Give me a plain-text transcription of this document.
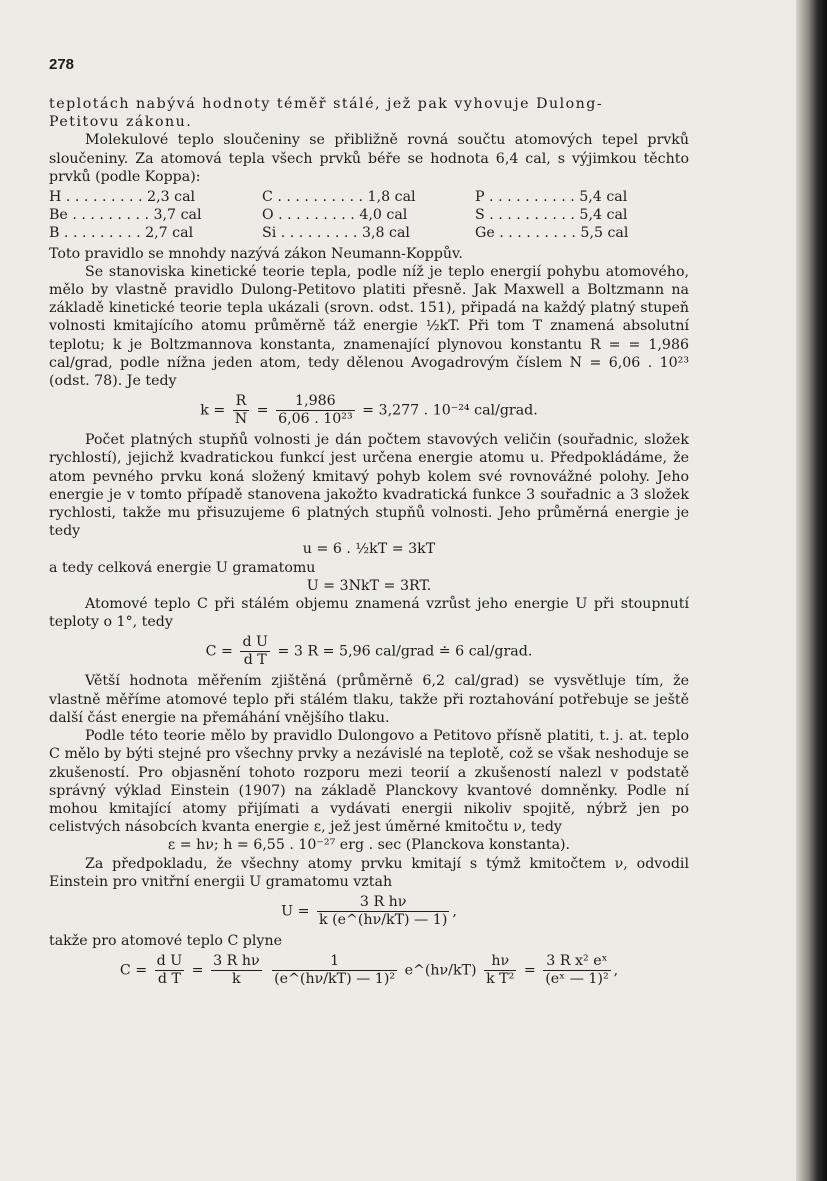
278

teplotách nabývá hodnoty téměř stálé, jež pak vyhovuje Dulong-

Petitovu zákonu.

Molekulové teplo sloučeniny se přibližně rovná součtu atomových tepel prvků sloučeniny. Za atomová tepla všech prvků béře se hodnota 6,4 cal, s výjimkou těchto prvků (podle Koppa):

H . . . . . . . . . 2,3 cal	C . . . . . . . . . . 1,8 cal	P . . . . . . . . . . 5,4 cal
Be . . . . . . . . . 3,7 cal	O . . . . . . . . . 4,0 cal	S . . . . . . . . . . 5,4 cal
B . . . . . . . . . 2,7 cal	Si . . . . . . . . . 3,8 cal	Ge . . . . . . . . . 5,5 cal

Toto pravidlo se mnohdy nazývá zákon Neumann-Koppův.

Se stanoviska kinetické teorie tepla, podle níž je teplo energií pohybu atomového, mělo by vlastně pravidlo Dulong-Petitovo platiti přesně. Jak Maxwell a Boltzmann na základě kinetické teorie tepla ukázali (srovn. odst. 151), připadá na každý platný stupeň volnosti kmitajícího atomu průměrně táž energie ½kT. Při tom T znamená absolutní teplotu; k je Boltzmannova konstanta, znamenající plynovou konstantu R = = 1,986 cal/grad, podle nížna jeden atom, tedy dělenou Avogadrovým číslem N = 6,06 . 10²³ (odst. 78). Je tedy

$k = \frac{R}{N} = \frac{1,986}{\text{6,06 . 10²³}} = 3,277$ . 10⁻²⁴ cal/grad.

Počet platných stupňů volnosti je dán počtem stavových veličin (souřadnic, složek rychlostí), jejichž kvadratickou funkcí jest určena energie atomu u. Předpokládáme, že atom pevného prvku koná složený kmitavý pohyb kolem své rovnovážné polohy. Jeho energie je v tomto případě stanovena jakožto kvadratická funkce 3 souřadnic a 3 složek rychlosti, takže mu přisuzujeme 6 platných stupňů volnosti. Jeho průměrná energie je tedy

u = 6 . ½kT = 3kT

a tedy celková energie U gramatomu

U = 3NkT = 3RT.

Atomové teplo C při stálém objemu znamená vzrůst jeho energie U při stoupnutí teploty o 1°, tedy

$C = \frac{\text{d U}}{\text{d T}} = 3$ R = 5,96 cal/grad ≐ 6 cal/grad.

Větší hodnota měřením zjištěná (průměrně 6,2 cal/grad) se vysvětluje tím, že vlastně měříme atomové teplo při stálém tlaku, takže při roztahování potřebuje se ještě další část energie na přemáhání vnějšího tlaku.

Podle této teorie mělo by pravidlo Dulongovo a Petitovo přísně platiti, t. j. at. teplo C mělo by býti stejné pro všechny prvky a nezávislé na teplotě, což se však neshoduje se zkušeností. Pro objasnění tohoto rozporu mezi teorií a zkušeností nalezl v podstatě správný výklad Einstein (1907) na základě Planckovy kvantové domněnky. Podle ní mohou kmitající atomy přijímati a vydávati energii nikoliv spojitě, nýbrž jen po celistvých násobcích kvanta energie ε, jež jest úměrné kmitočtu ν, tedy

ε = hν; h = 6,55 . 10⁻²⁷ erg . sec (Planckova konstanta).

Za předpokladu, že všechny atomy prvku kmitají s týmž kmitočtem ν, odvodil Einstein pro vnitřní energii U gramatomu vztah

$U = \frac{\text{3 R hν}}{k (e\^{}(h\nu/kT) — 1)}$ ,

takže pro atomové teplo C plyne

$C = \frac{\text{d U}}{\text{d T}} = \frac{\text{3 R hν}}{k}$
$\frac{1}{\text{(e\textasciicircum{}(hν/kT) — 1)²}}$ e^(hν/kT) $\frac{h\nu}{\text{k T²}} = \frac{\text{3 R x² eˣ}}{\text{(eˣ — 1)²}}$ ,
